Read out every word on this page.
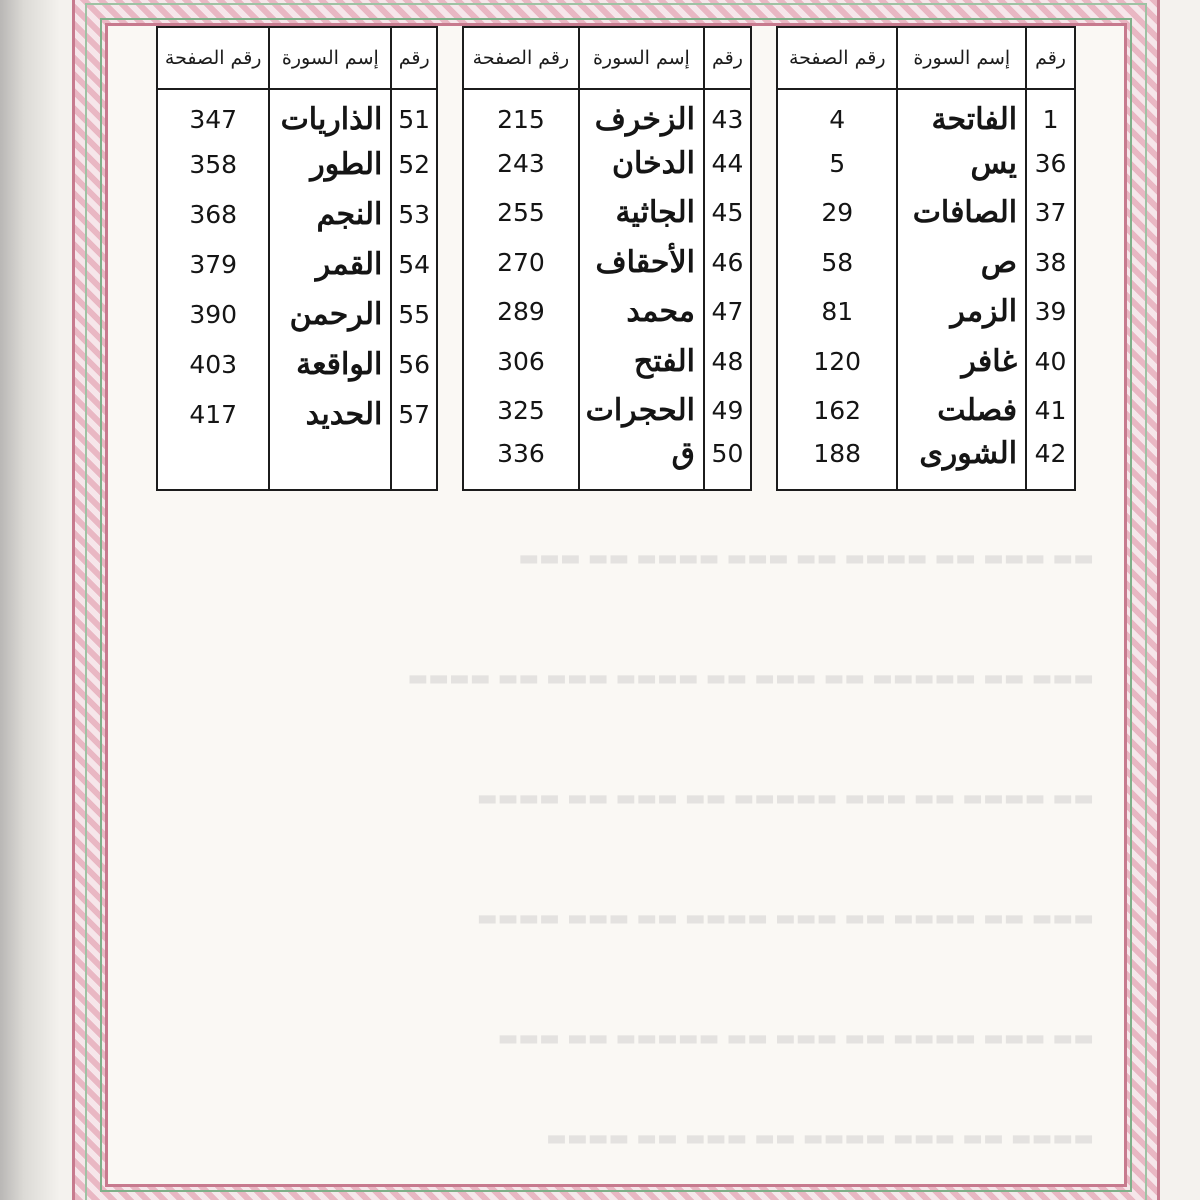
▬▬ ▬▬▬ ▬▬ ▬▬▬▬ ▬▬ ▬▬▬ ▬▬▬▬ ▬▬ ▬▬▬
▬▬▬ ▬▬ ▬▬▬▬▬ ▬▬ ▬▬▬ ▬▬ ▬▬▬▬ ▬▬▬ ▬▬ ▬▬▬▬
▬▬ ▬▬▬▬ ▬▬ ▬▬▬ ▬▬▬▬▬ ▬▬ ▬▬▬ ▬▬ ▬▬▬▬
▬▬▬ ▬▬ ▬▬▬▬ ▬▬ ▬▬▬ ▬▬▬▬ ▬▬ ▬▬▬ ▬▬▬▬
▬▬ ▬▬▬ ▬▬▬▬ ▬▬ ▬▬▬ ▬▬ ▬▬▬▬▬ ▬▬ ▬▬▬
▬▬▬▬ ▬▬ ▬▬▬ ▬▬▬▬ ▬▬ ▬▬▬ ▬▬ ▬▬▬▬
رقم الصفحة	إسم السورة	رقم
4	الفاتحة	1
5	يس	36
29	الصافات	37
58	ص	38
81	الزمر	39
120	غافر	40
162	فصلت	41
188	الشورى	42
رقم الصفحة	إسم السورة	رقم
215	الزخرف	43
243	الدخان	44
255	الجاثية	45
270	الأحقاف	46
289	محمد	47
306	الفتح	48
325	الحجرات	49
336	ق	50
رقم الصفحة	إسم السورة	رقم
347	الذاريات	51
358	الطور	52
368	النجم	53
379	القمر	54
390	الرحمن	55
403	الواقعة	56
417	الحديد	57
